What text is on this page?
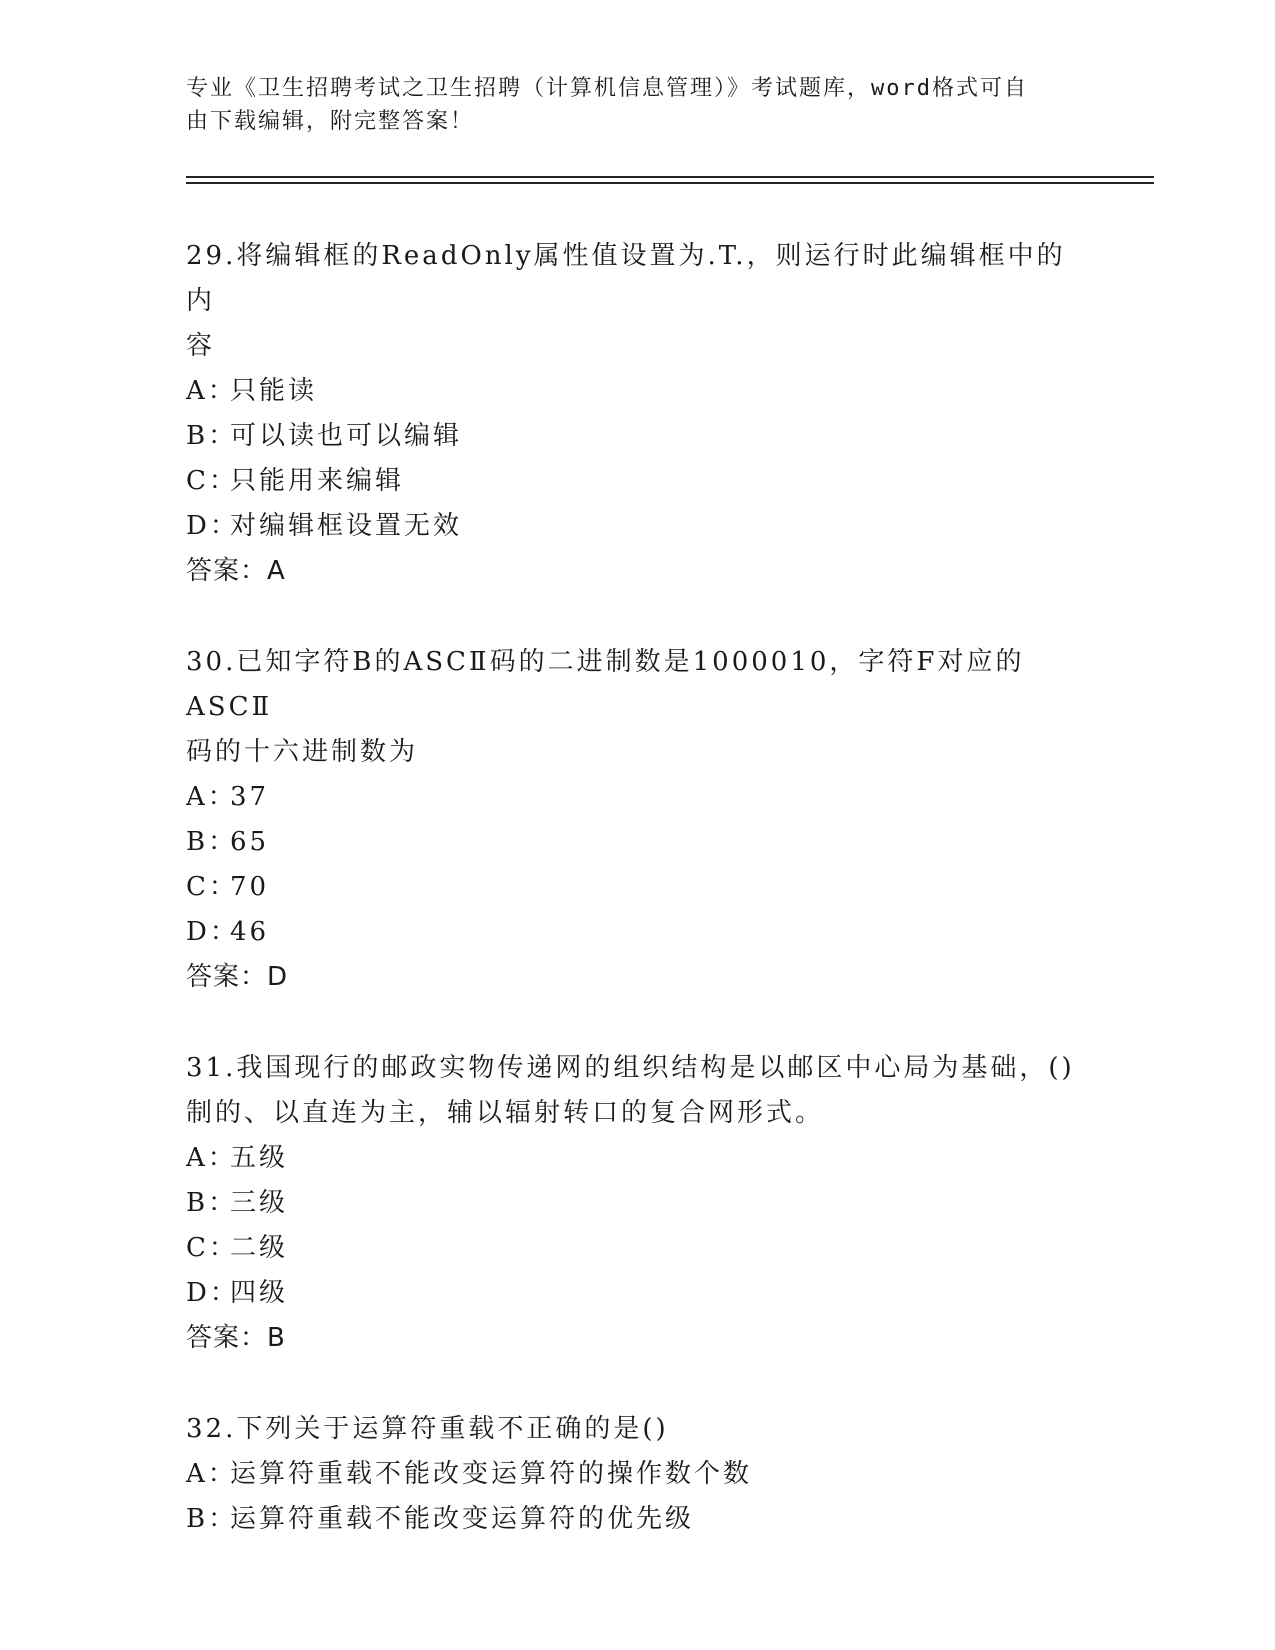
专业《卫生招聘考试之卫生招聘（计算机信息管理）》考试题库，word格式可自
由下载编辑，附完整答案！
29.将编辑框的ReadOnly属性值设置为.T.，则运行时此编辑框中的内
容
A：只能读
B：可以读也可以编辑
C：只能用来编辑
D：对编辑框设置无效
答案：A
30.已知字符B的ASCⅡ码的二进制数是1000010，字符F对应的ASCⅡ
码的十六进制数为
A：37
B：65
C：70
D：46
答案：D
31.我国现行的邮政实物传递网的组织结构是以邮区中心局为基础，()
制的、以直连为主，辅以辐射转口的复合网形式。
A：五级
B：三级
C：二级
D：四级
答案：B
32.下列关于运算符重载不正确的是()
A：运算符重载不能改变运算符的操作数个数
B：运算符重载不能改变运算符的优先级
